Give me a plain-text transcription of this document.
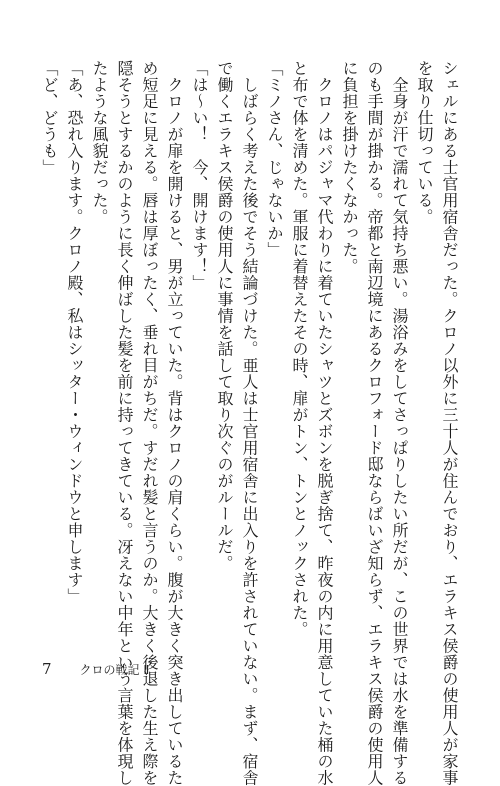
シェルにある士官用宿舎だった。クロノ以外に三十人が住んでおり、エラキス侯爵の使用人が家事

を取り仕切っている。

　全身が汗で濡れて気持ち悪い。湯浴みをしてさっぱりしたい所だが、この世界では水を準備する

のも手間が掛かる。帝都と南辺境にあるクロフォード邸ならばいざ知らず、エラキス侯爵の使用人

に負担を掛けたくなかった。

　クロノはパジャマ代わりに着ていたシャツとズボンを脱ぎ捨て、昨夜の内に用意していた桶の水

と布で体を清めた。軍服に着替えたその時、扉がトン、トンとノックされた。

「ミノさん、じゃないか」

　しばらく考えた後でそう結論づけた。亜人は士官用宿舎に出入りを許されていない。まず、宿舎

で働くエラキス侯爵の使用人に事情を話して取り次ぐのがルールだ。

「は～い！　今、開けます！」

　クロノが扉を開けると、男が立っていた。背はクロノの肩くらい。腹が大きく突き出しているた

め短足に見える。唇は厚ぼったく、垂れ目がちだ。すだれ髪と言うのか。大きく後退した生え際を

隠そうとするかのように長く伸ばした髪を前に持ってきている。冴えない中年という言葉を体現し

たような風貌だった。

「あ、恐れ入ります。クロノ殿、私はシッター・ウィンドウと申します」

「ど、どうも」

7 クロの戦記 Ⅱ
